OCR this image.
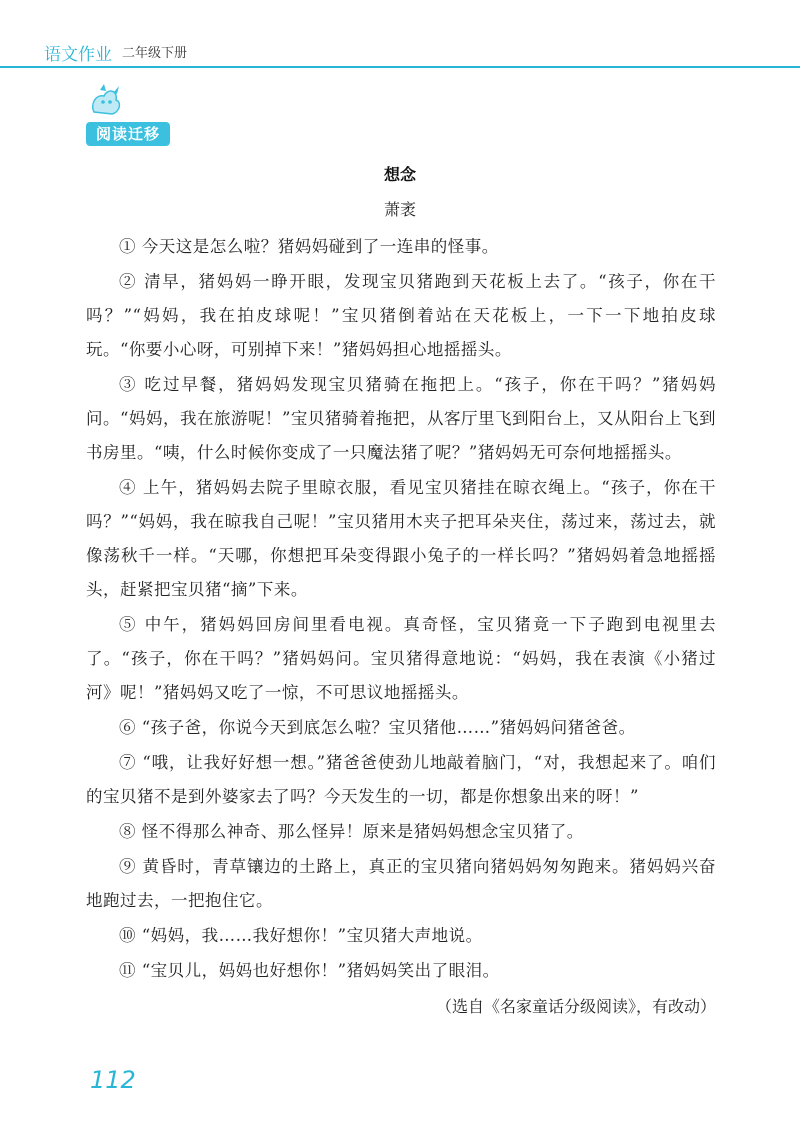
语文作业 二年级下册
阅读迁移
想念
萧袤

① 今天这是怎么啦？猪妈妈碰到了一连串的怪事。

② 清早，猪妈妈一睁开眼，发现宝贝猪跑到天花板上去了。“孩子，你在干吗？”“妈妈，我在拍皮球呢！”宝贝猪倒着站在天花板上，一下一下地拍皮球玩。“你要小心呀，可别掉下来！”猪妈妈担心地摇摇头。

③ 吃过早餐，猪妈妈发现宝贝猪骑在拖把上。“孩子，你在干吗？”猪妈妈问。“妈妈，我在旅游呢！”宝贝猪骑着拖把，从客厅里飞到阳台上，又从阳台上飞到书房里。“咦，什么时候你变成了一只魔法猪了呢？”猪妈妈无可奈何地摇摇头。

④ 上午，猪妈妈去院子里晾衣服，看见宝贝猪挂在晾衣绳上。“孩子，你在干吗？”“妈妈，我在晾我自己呢！”宝贝猪用木夹子把耳朵夹住，荡过来，荡过去，就像荡秋千一样。“天哪，你想把耳朵变得跟小兔子的一样长吗？”猪妈妈着急地摇摇头，赶紧把宝贝猪“摘”下来。

⑤ 中午，猪妈妈回房间里看电视。真奇怪，宝贝猪竟一下子跑到电视里去了。“孩子，你在干吗？”猪妈妈问。宝贝猪得意地说：“妈妈，我在表演《小猪过河》呢！”猪妈妈又吃了一惊，不可思议地摇摇头。

⑥ “孩子爸，你说今天到底怎么啦？宝贝猪他……”猪妈妈问猪爸爸。

⑦ “哦，让我好好想一想。”猪爸爸使劲儿地敲着脑门，“对，我想起来了。咱们的宝贝猪不是到外婆家去了吗？今天发生的一切，都是你想象出来的呀！”

⑧ 怪不得那么神奇、那么怪异！原来是猪妈妈想念宝贝猪了。

⑨ 黄昏时，青草镶边的土路上，真正的宝贝猪向猪妈妈匆匆跑来。猪妈妈兴奋地跑过去，一把抱住它。

⑩ “妈妈，我……我好想你！”宝贝猪大声地说。

⑪ “宝贝儿，妈妈也好想你！”猪妈妈笑出了眼泪。

（选自《名家童话分级阅读》，有改动）
112
